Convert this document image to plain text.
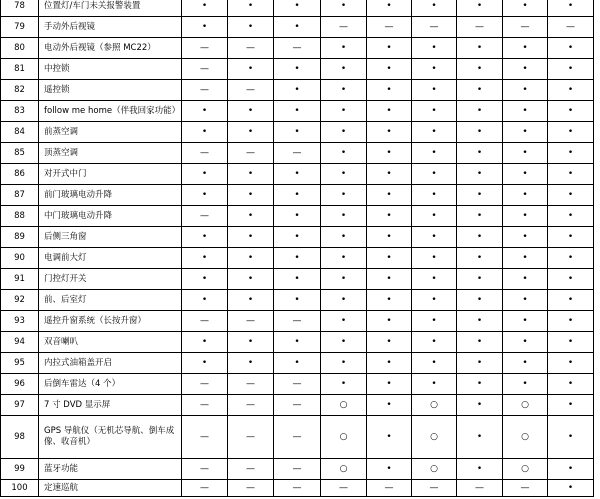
78	位置灯/车门未关报警装置	•	•	•	•	•	•	•	•	•
79	手动外后视镜	•	•	•	—	—	—	—	—	—
80	电动外后视镜（参照 MC22）	—	—	—	•	•	•	•	•	•
81	中控锁	—	•	•	•	•	•	•	•	•
82	遥控锁	—	—	•	•	•	•	•	•	•
83	follow me home（伴我回家功能）	•	•	•	•	•	•	•	•	•
84	前蒸空调	•	•	•	•	•	•	•	•	•
85	顶蒸空调	—	—	—	•	•	•	•	•	•
86	对开式中门	•	•	•	•	•	•	•	•	•
87	前门玻璃电动升降	•	•	•	•	•	•	•	•	•
88	中门玻璃电动升降	—	•	•	•	•	•	•	•	•
89	后侧三角窗	•	•	•	•	•	•	•	•	•
90	电调前大灯	•	•	•	•	•	•	•	•	•
91	门控灯开关	•	•	•	•	•	•	•	•	•
92	前、后室灯	•	•	•	•	•	•	•	•	•
93	遥控升窗系统（长按升窗）	—	—	—	•	•	•	•	•	•
94	双音喇叭	•	•	•	•	•	•	•	•	•
95	内拉式油箱盖开启	•	•	•	•	•	•	•	•	•
96	后倒车雷达（4 个）	—	—	—	•	•	•	•	•	•
97	7 寸 DVD 显示屏	—	—	—	○	•	○	•	○	•
98	GPS 导航仪（无机芯导航、倒车成像、收音机）	—	—	—	○	•	○	•	○	•
99	蓝牙功能	—	—	—	○	•	○	•	○	•
100	定速巡航	—	—	—	—	—	—	—	—	•
